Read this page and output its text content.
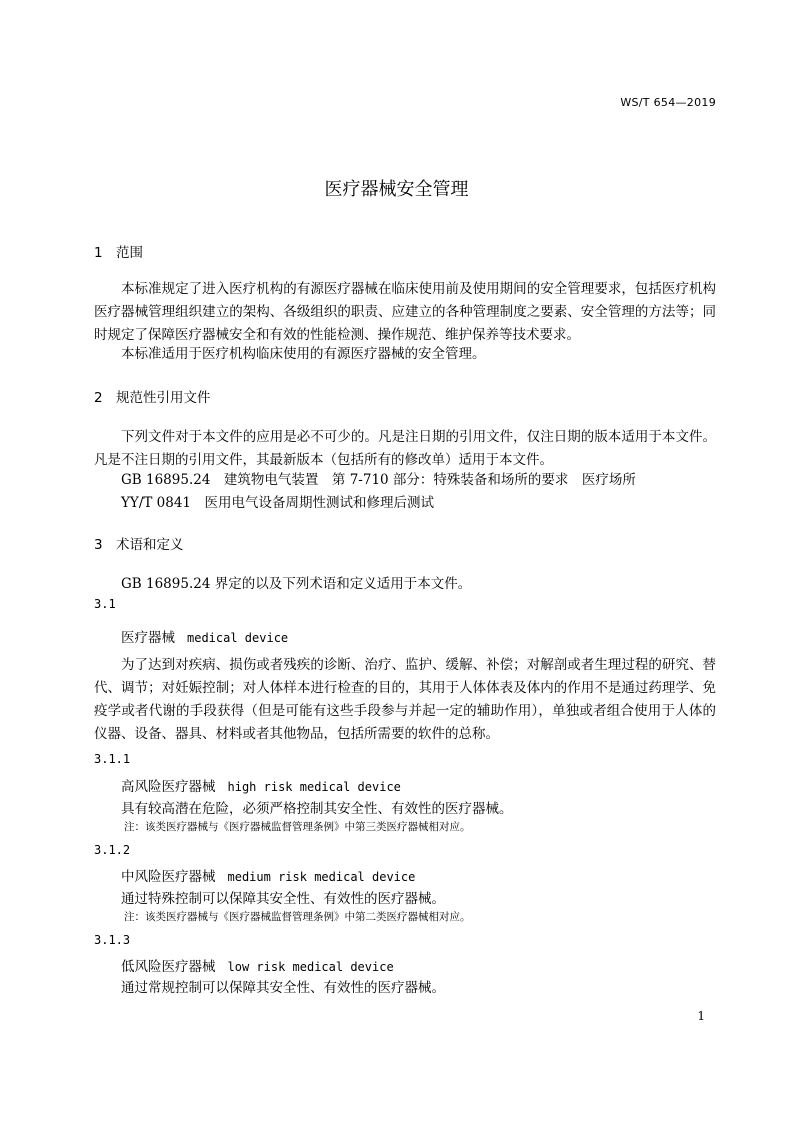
WS/T 654—2019
医疗器械安全管理
1 范围
本标准规定了进入医疗机构的有源医疗器械在临床使用前及使用期间的安全管理要求，包括医疗机构医疗器械管理组织建立的架构、各级组织的职责、应建立的各种管理制度之要素、安全管理的方法等；同时规定了保障医疗器械安全和有效的性能检测、操作规范、维护保养等技术要求。
本标准适用于医疗机构临床使用的有源医疗器械的安全管理。
2 规范性引用文件
下列文件对于本文件的应用是必不可少的。凡是注日期的引用文件，仅注日期的版本适用于本文件。凡是不注日期的引用文件，其最新版本（包括所有的修改单）适用于本文件。
GB 16895.24　建筑物电气装置　第 7-710 部分：特殊装备和场所的要求　医疗场所
YY/T 0841　医用电气设备周期性测试和修理后测试
3 术语和定义
GB 16895.24 界定的以及下列术语和定义适用于本文件。
3.1
医疗器械 medical device
为了达到对疾病、损伤或者残疾的诊断、治疗、监护、缓解、补偿；对解剖或者生理过程的研究、替代、调节；对妊娠控制；对人体样本进行检查的目的，其用于人体体表及体内的作用不是通过药理学、免疫学或者代谢的手段获得（但是可能有这些手段参与并起一定的辅助作用），单独或者组合使用于人体的仪器、设备、器具、材料或者其他物品，包括所需要的软件的总称。
3.1.1
高风险医疗器械 high risk medical device
具有较高潜在危险，必须严格控制其安全性、有效性的医疗器械。
注：该类医疗器械与《医疗器械监督管理条例》中第三类医疗器械相对应。
3.1.2
中风险医疗器械 medium risk medical device
通过特殊控制可以保障其安全性、有效性的医疗器械。
注：该类医疗器械与《医疗器械监督管理条例》中第二类医疗器械相对应。
3.1.3
低风险医疗器械 low risk medical device
通过常规控制可以保障其安全性、有效性的医疗器械。
1
